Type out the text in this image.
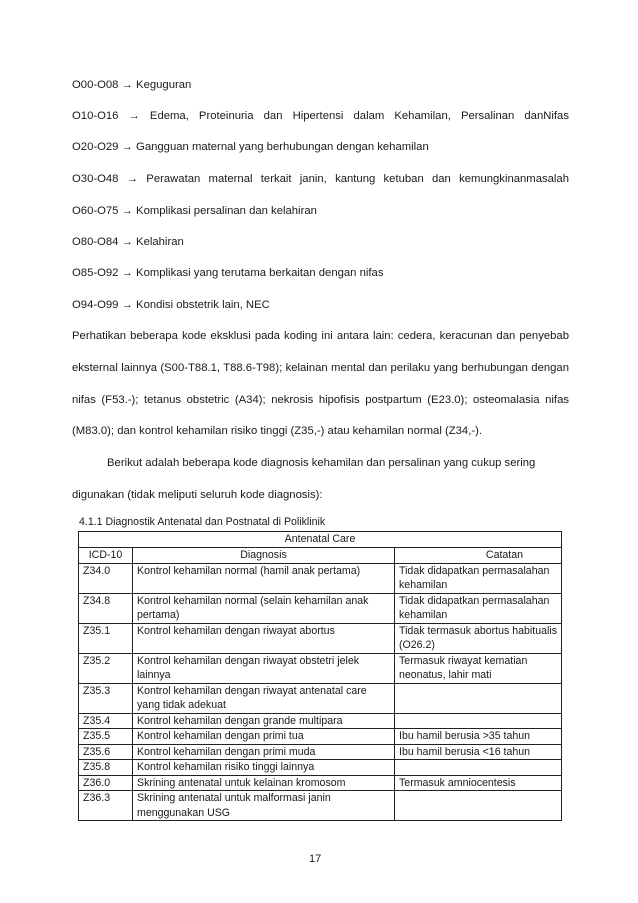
O00-O08 → Keguguran
O10-O16 → Edema, Proteinuria dan Hipertensi dalam Kehamilan, Persalinan danNifas
O20-O29 → Gangguan maternal yang berhubungan dengan kehamilan
O30-O48 → Perawatan maternal terkait janin, kantung ketuban dan kemungkinanmasalah
O60-O75 → Komplikasi persalinan dan kelahiran
O80-O84 → Kelahiran
O85-O92 → Komplikasi yang terutama berkaitan dengan nifas
O94-O99 → Kondisi obstetrik lain, NEC
Perhatikan beberapa kode eksklusi pada koding ini antara lain: cedera, keracunan dan penyebab
eksternal lainnya (S00-T88.1, T88.6-T98); kelainan mental dan perilaku yang berhubungan dengan
nifas (F53.-); tetanus obstetric (A34); nekrosis hipofisis postpartum (E23.0); osteomalasia nifas
(M83.0); dan kontrol kehamilan risiko tinggi (Z35,-) atau kehamilan normal (Z34,-).
Berikut adalah beberapa kode diagnosis kehamilan dan persalinan yang cukup sering
digunakan (tidak meliputi seluruh kode diagnosis):
4.1.1 Diagnostik Antenatal dan Postnatal di Poliklinik
Antenatal Care		
ICD-10	Diagnosis	Catatan
Z34.0	Kontrol kehamilan normal (hamil anak pertama)	Tidak didapatkan permasalahan kehamilan
Z34.8	Kontrol kehamilan normal (selain kehamilan anak pertama)	Tidak didapatkan permasalahan kehamilan
Z35.1	Kontrol kehamilan dengan riwayat abortus	Tidak termasuk abortus habitualis (O26.2)
Z35.2	Kontrol kehamilan dengan riwayat obstetri jelek lainnya	Termasuk riwayat kematian neonatus, lahir mati
Z35.3	Kontrol kehamilan dengan riwayat antenatal care yang tidak adekuat	
Z35.4	Kontrol kehamilan dengan grande multipara	
Z35.5	Kontrol kehamilan dengan primi tua	Ibu hamil berusia >35 tahun
Z35.6	Kontrol kehamilan dengan primi muda	Ibu hamil berusia <16 tahun
Z35.8	Kontrol kehamilan risiko tinggi lainnya	
Z36.0	Skrining antenatal untuk kelainan kromosom	Termasuk amniocentesis
Z36.3	Skrining antenatal untuk malformasi janin menggunakan USG	
17
